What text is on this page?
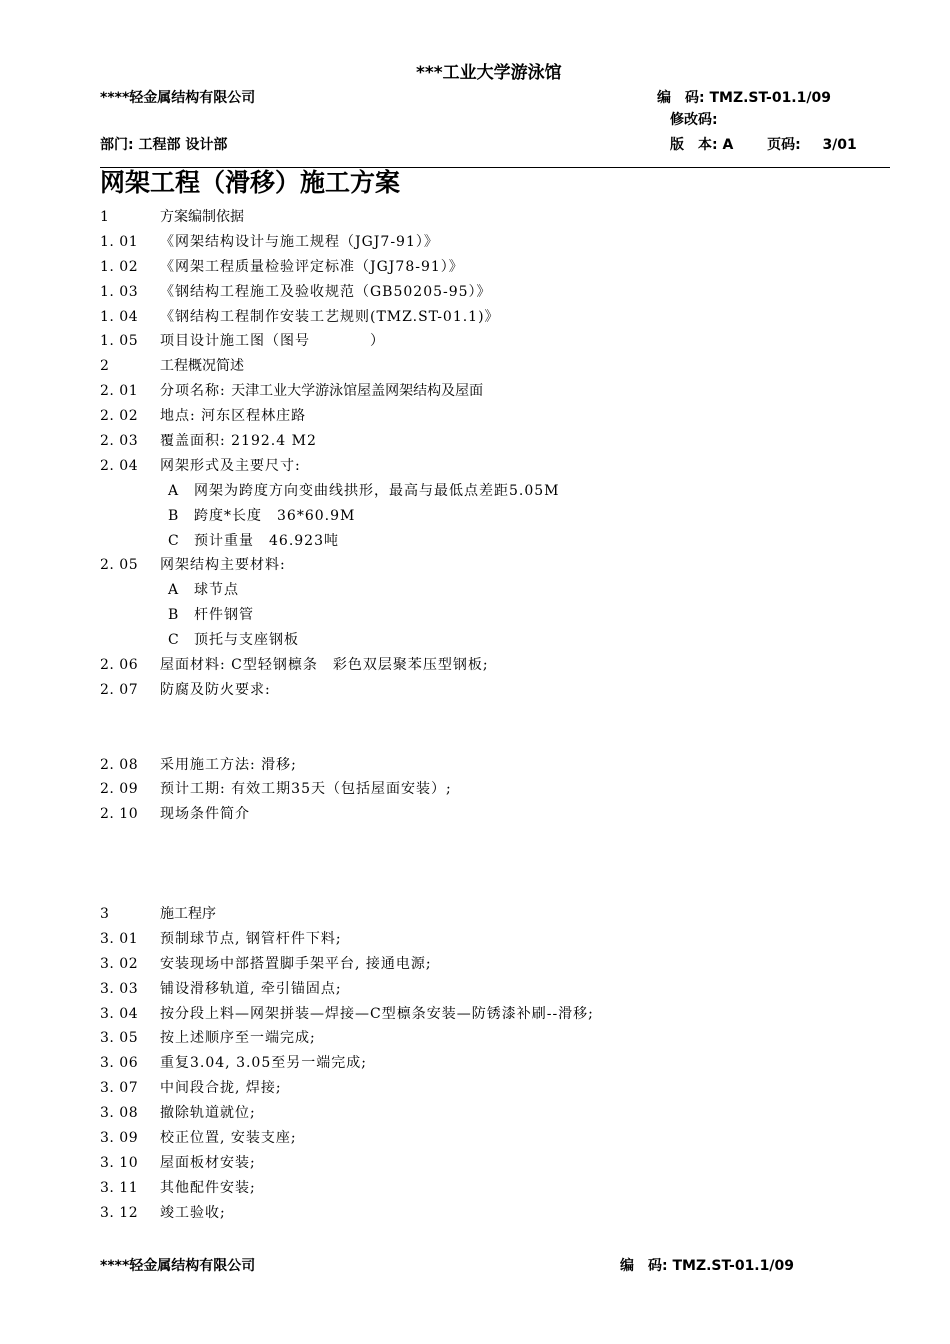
***工业大学游泳馆
****轻金属结构有限公司	编　码: TMZ.ST-01.1/09
修改码:
部门: 工程部 设计部	版　本: A 页码: 3/01
网架工程（滑移）施工方案
1	方案编制依据
1. 01	《网架结构设计与施工规程（JGJ7-91）》
1. 02	《网架工程质量检验评定标准（JGJ78-91）》
1. 03	《钢结构工程施工及验收规范（GB50205-95）》
1. 04	《钢结构工程制作安装工艺规则(TMZ.ST-01.1)》
1. 05	项目设计施工图（图号　　　　）
2	工程概况简述
2. 01	分项名称: 天津工业大学游泳馆屋盖网架结构及屋面
2. 02	地点: 河东区程林庄路
2. 03	覆盖面积: 2192.4 M2
2. 04	网架形式及主要尺寸:
A	网架为跨度方向变曲线拱形，最高与最低点差距5.05M
B	跨度*长度　36*60.9M
C	预计重量　46.923吨
2. 05	网架结构主要材料:
A	球节点
B	杆件钢管
C	顶托与支座钢板
2. 06	屋面材料: C型轻钢檩条　彩色双层聚苯压型钢板;
2. 07	防腐及防火要求:
2. 08	采用施工方法: 滑移;
2. 09	预计工期: 有效工期35天（包括屋面安装）;
2. 10	现场条件简介
3	施工程序
3. 01	预制球节点, 钢管杆件下料;
3. 02	安装现场中部搭置脚手架平台, 接通电源;
3. 03	铺设滑移轨道, 牵引锚固点;
3. 04	按分段上料—网架拼装—焊接—C型檩条安装—防锈漆补刷--滑移;
3. 05	按上述顺序至一端完成;
3. 06	重复3.04, 3.05至另一端完成;
3. 07	中间段合拢, 焊接;
3. 08	撤除轨道就位;
3. 09	校正位置, 安装支座;
3. 10	屋面板材安装;
3. 11	其他配件安装;
3. 12	竣工验收;
****轻金属结构有限公司	编　码: TMZ.ST-01.1/09
